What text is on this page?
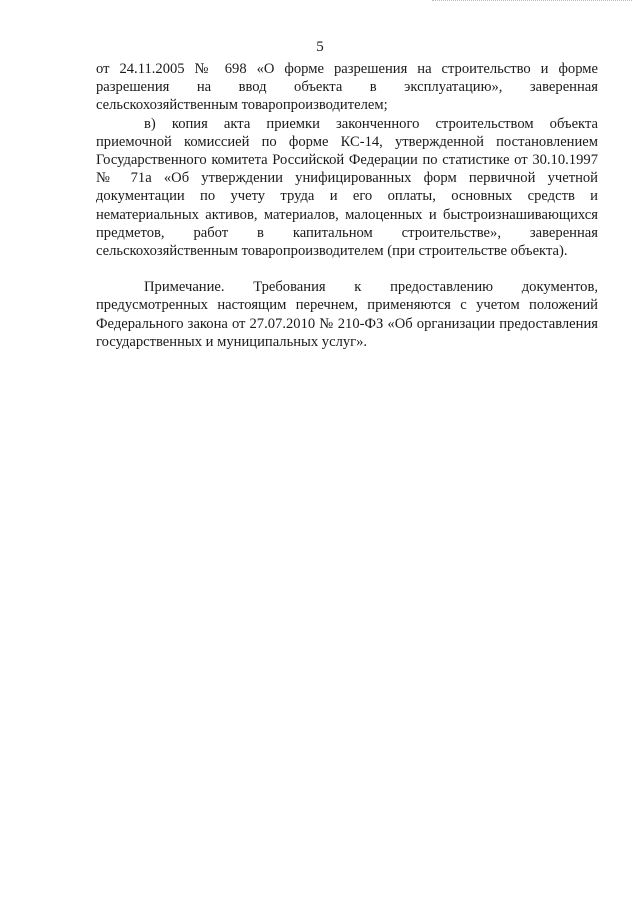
5

от 24.11.2005 № 698 «О форме разрешения на строительство и форме разрешения на ввод объекта в эксплуатацию», заверенная сельскохозяйственным товаропроизводителем;

в) копия акта приемки законченного строительством объекта приемочной комиссией по форме КС-14, утвержденной постановлением Государственного комитета Российской Федерации по статистике от 30.10.1997 № 71а «Об утверждении унифицированных форм первичной учетной документации по учету труда и его оплаты, основных средств и нематериальных активов, материалов, малоценных и быстроизнашивающихся предметов, работ в капитальном строительстве», заверенная сельскохозяйственным товаропроизводителем (при строительстве объекта).

Примечание. Требования к предоставлению документов, предусмотренных настоящим перечнем, применяются с учетом положений Федерального закона от 27.07.2010 № 210-ФЗ «Об организации предоставления государственных и муниципальных услуг».
